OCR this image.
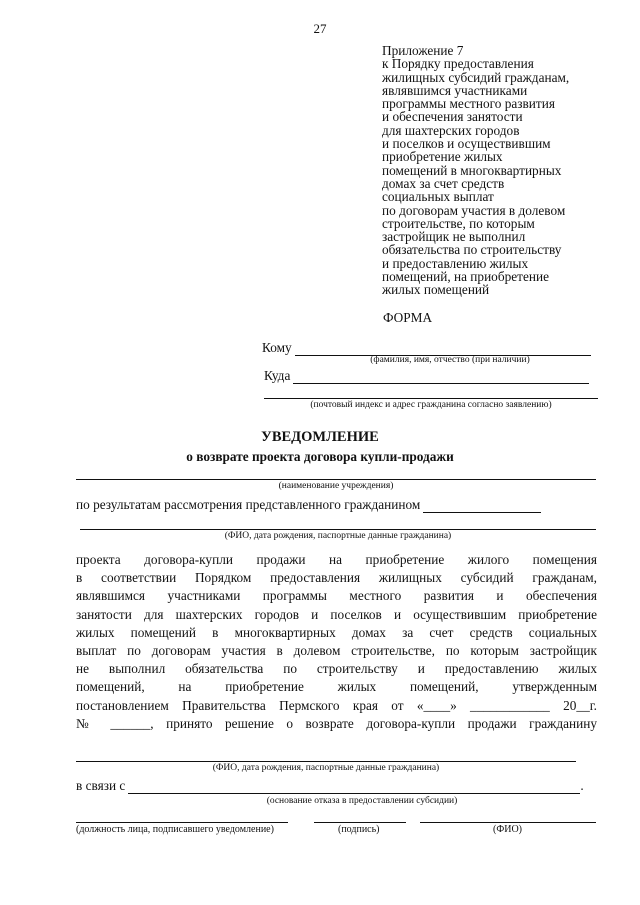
27
Приложение 7
к Порядку предоставления
жилищных субсидий гражданам,
являвшимся участниками
программы местного развития
и обеспечения занятости
для шахтерских городов
и поселков и осуществившим
приобретение жилых
помещений в многоквартирных
домах за счет средств
социальных выплат
по договорам участия в долевом
строительстве, по которым
застройщик не выполнил
обязательства по строительству
и предоставлению жилых
помещений, на приобретение
жилых помещений
ФОРМА
Кому
(фамилия, имя, отчество (при наличии)
Куда
(почтовый индекс и адрес гражданина согласно заявлению)
УВЕДОМЛЕНИЕ
о возврате проекта договора купли-продажи
(наименование учреждения)
по результатам рассмотрения представленного гражданином
(ФИО, дата рождения, паспортные данные гражданина)
проекта договора-купли продажи на приобретение жилого помещения
в соответствии Порядком предоставления жилищных субсидий гражданам,
являвшимся участниками программы местного развития и обеспечения
занятости для шахтерских городов и поселков и осуществившим приобретение
жилых помещений в многоквартирных домах за счет средств социальных
выплат по договорам участия в долевом строительстве, по которым застройщик
не выполнил обязательства по строительству и предоставлению жилых
помещений, на приобретение жилых помещений, утвержденным
постановлением Правительства Пермского края от «____» ____________ 20__г.
№ ______, принято решение о возврате договора-купли продажи гражданину
(ФИО, дата рождения, паспортные данные гражданина)
в связи с	.
(основание отказа в предоставлении субсидии)
(должность лица, подписавшего уведомление)	(подпись)	(ФИО)
